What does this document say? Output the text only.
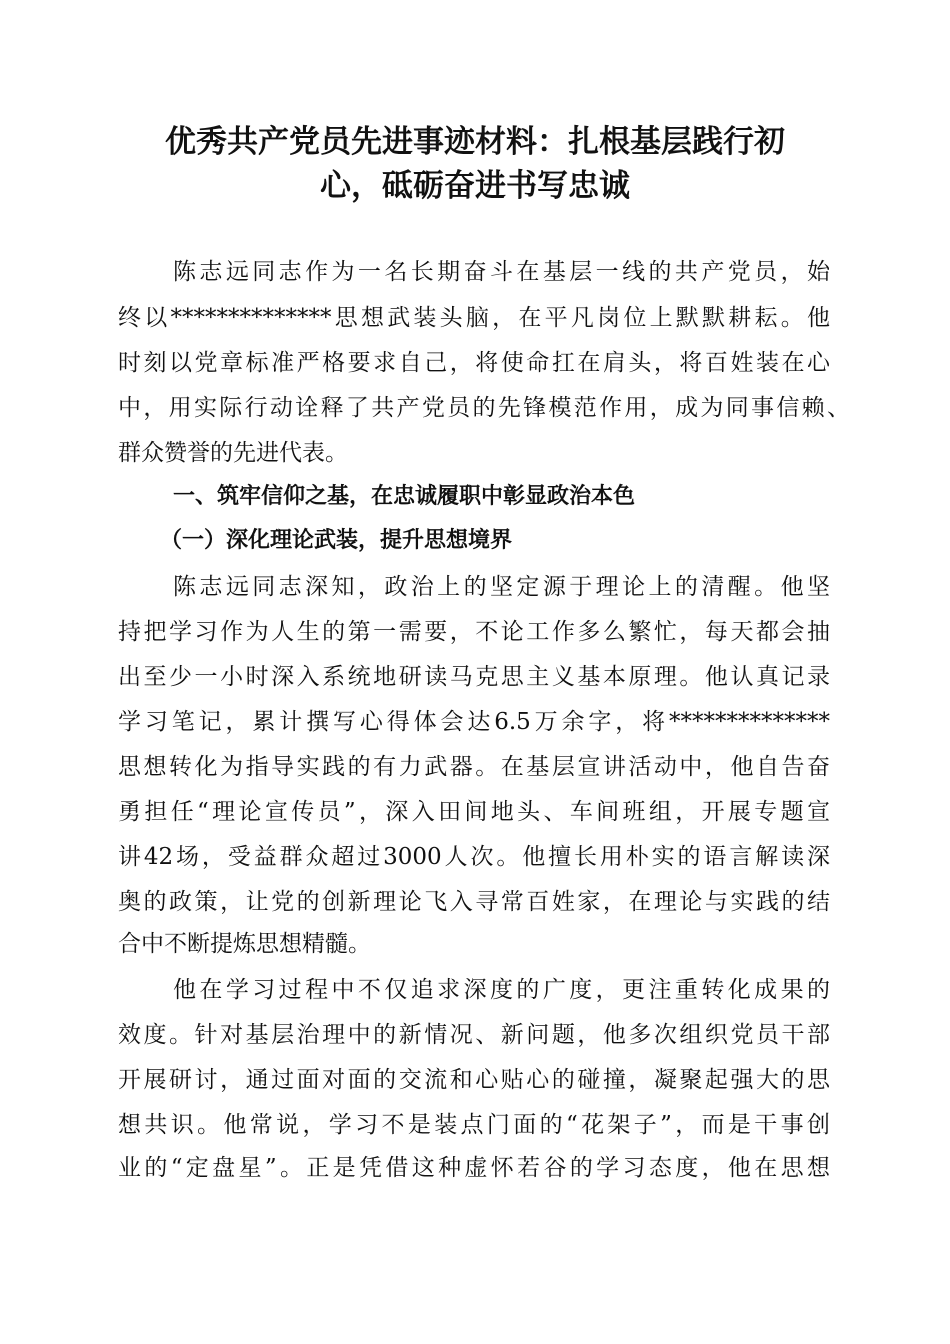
优秀共产党员先进事迹材料：扎根基层践行初
心，砥砺奋进书写忠诚
陈志远同志作为一名长期奋斗在基层一线的共产党员，始
终以**************思想武装头脑，在平凡岗位上默默耕耘。他
时刻以党章标准严格要求自己，将使命扛在肩头，将百姓装在心
中，用实际行动诠释了共产党员的先锋模范作用，成为同事信赖、
群众赞誉的先进代表。
一、筑牢信仰之基，在忠诚履职中彰显政治本色
（一）深化理论武装，提升思想境界
陈志远同志深知，政治上的坚定源于理论上的清醒。他坚
持把学习作为人生的第一需要，不论工作多么繁忙，每天都会抽
出至少一小时深入系统地研读马克思主义基本原理。他认真记录
学习笔记，累计撰写心得体会达6.5万余字，将**************
思想转化为指导实践的有力武器。在基层宣讲活动中，他自告奋
勇担任“理论宣传员”，深入田间地头、车间班组，开展专题宣
讲42场，受益群众超过3000人次。他擅长用朴实的语言解读深
奥的政策，让党的创新理论飞入寻常百姓家，在理论与实践的结
合中不断提炼思想精髓。
他在学习过程中不仅追求深度的广度，更注重转化成果的
效度。针对基层治理中的新情况、新问题，他多次组织党员干部
开展研讨，通过面对面的交流和心贴心的碰撞，凝聚起强大的思
想共识。他常说，学习不是装点门面的“花架子”，而是干事创
业的“定盘星”。正是凭借这种虚怀若谷的学习态度，他在思想
